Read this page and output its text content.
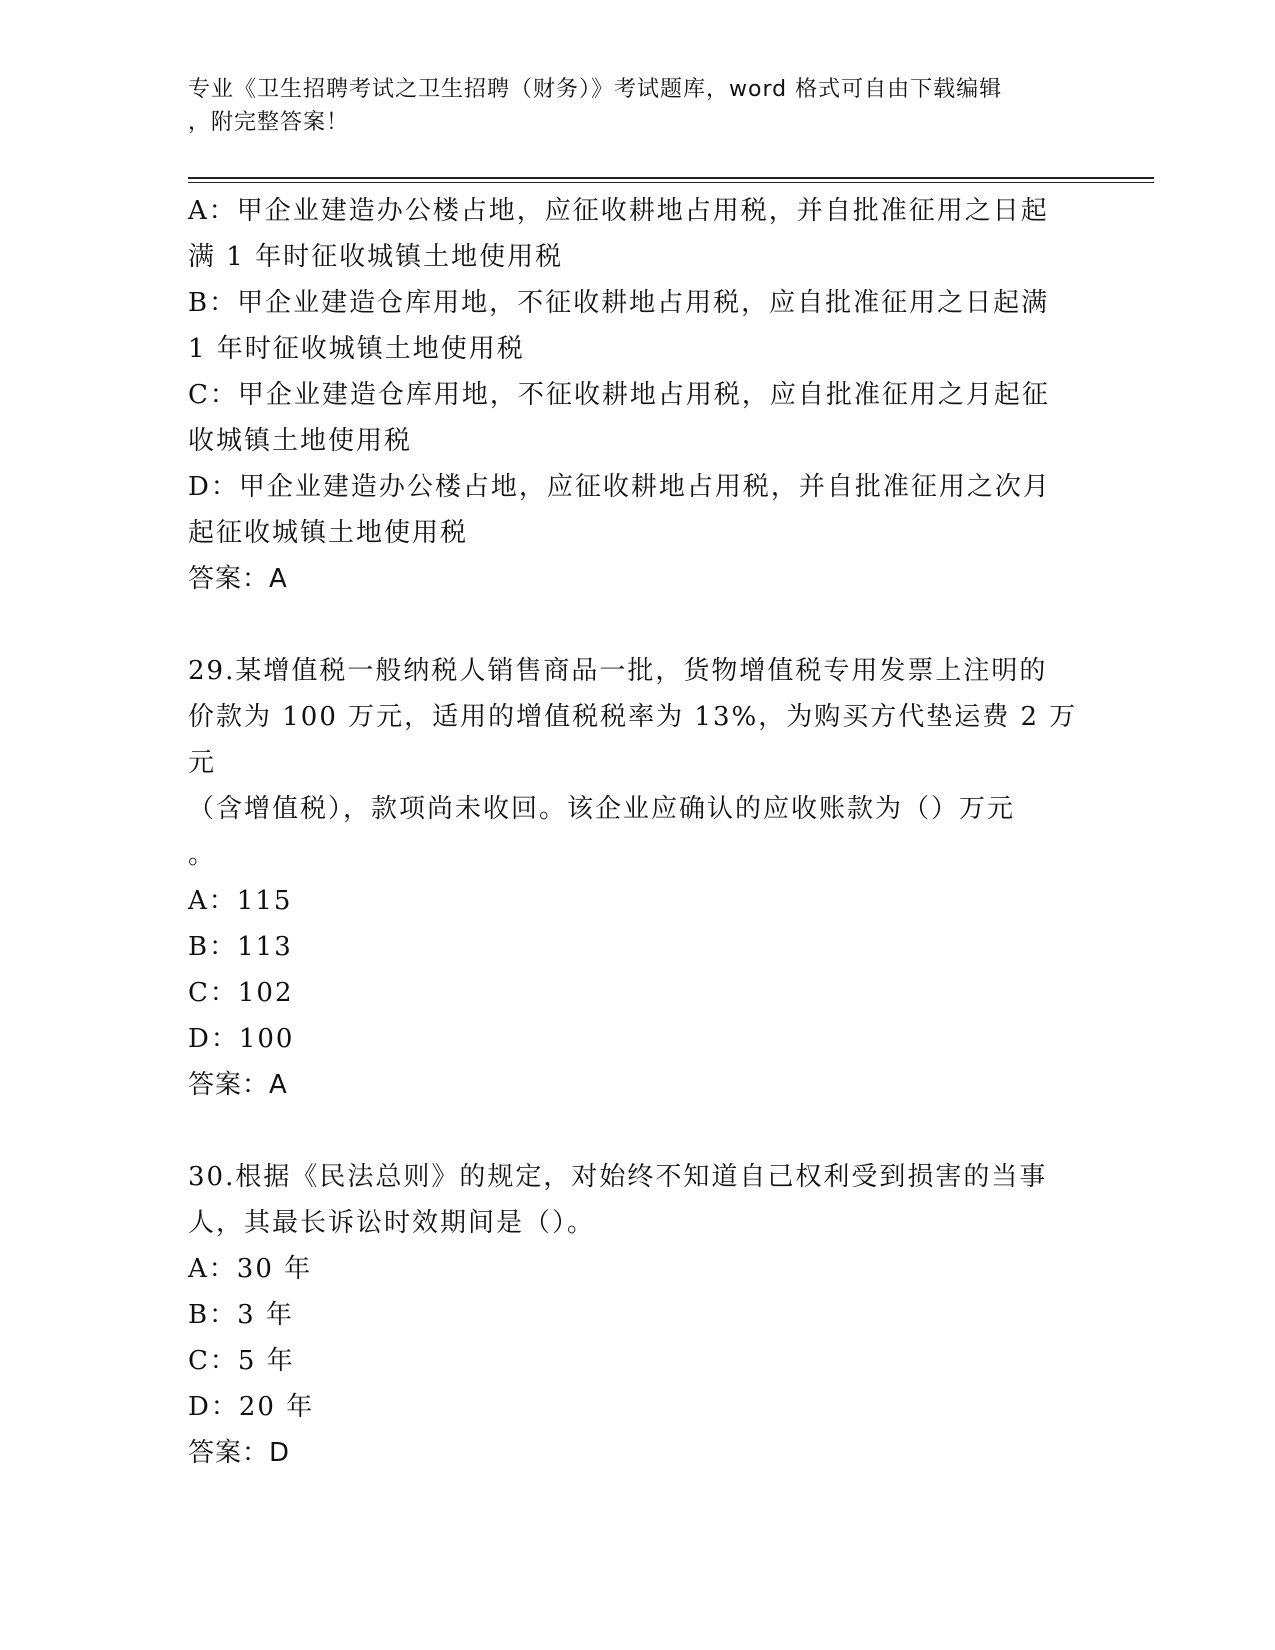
专业《卫生招聘考试之卫生招聘（财务）》考试题库，word 格式可自由下载编辑
，附完整答案！
A：甲企业建造办公楼占地，应征收耕地占用税，并自批准征用之日起
满 1 年时征收城镇土地使用税
B：甲企业建造仓库用地，不征收耕地占用税，应自批准征用之日起满
1 年时征收城镇土地使用税
C：甲企业建造仓库用地，不征收耕地占用税，应自批准征用之月起征
收城镇土地使用税
D：甲企业建造办公楼占地，应征收耕地占用税，并自批准征用之次月
起征收城镇土地使用税
答案：A
29.某增值税一般纳税人销售商品一批，货物增值税专用发票上注明的
价款为 100 万元，适用的增值税税率为 13%，为购买方代垫运费 2 万元
（含增值税），款项尚未收回。该企业应确认的应收账款为（）万元
。
A：115
B：113
C：102
D：100
答案：A
30.根据《民法总则》的规定，对始终不知道自己权利受到损害的当事
人，其最长诉讼时效期间是（）。
A：30 年
B：3 年
C：5 年
D：20 年
答案：D
